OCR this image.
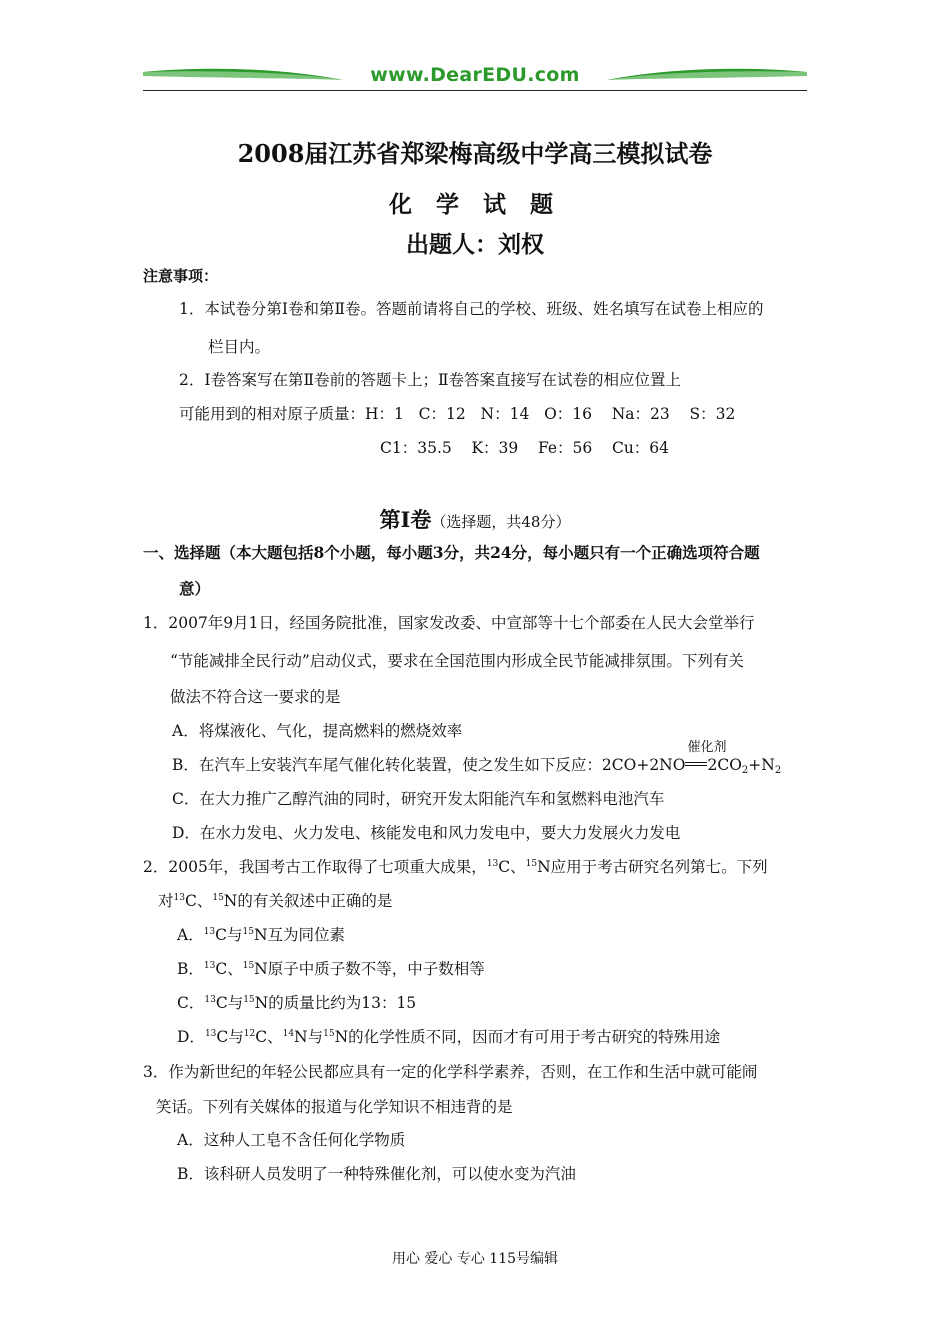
www.DearEDU.com
2008届江苏省郑梁梅高级中学高三模拟试卷
化 学 试 题
出题人：刘权
注意事项：
1．本试卷分第Ⅰ卷和第Ⅱ卷。答题前请将自己的学校、班级、姓名填写在试卷上相应的
栏目内。
2．Ⅰ卷答案写在第Ⅱ卷前的答题卡上；Ⅱ卷答案直接写在试卷的相应位置上
可能用到的相对原子质量：H：1   C：12   N：14   O：16    Na：23    S：32
C1：35.5    K：39    Fe：56    Cu：64
第Ⅰ卷（选择题，共48分）
一、选择题（本大题包括8个小题，每小题3分，共24分，每小题只有一个正确选项符合题
意）
1．2007年9月1日，经国务院批准，国家发改委、中宣部等十七个部委在人民大会堂举行
“节能减排全民行动”启动仪式，要求在全国范围内形成全民节能减排氛围。下列有关
做法不符合这一要求的是
A．将煤液化、气化，提高燃料的燃烧效率
B．在汽车上安装汽车尾气催化转化装置，使之发生如下反应：2CO+2NO
催化剂
$2CO_2+N_2$
C．在大力推广乙醇汽油的同时，研究开发太阳能汽车和氢燃料电池汽车
D．在水力发电、火力发电、核能发电和风力发电中，要大力发展火力发电
2．2005年，我国考古工作取得了七项重大成果，$^{13}$C、$^{15}$N应用于考古研究名列第七。下列
对$^{13}$C、$^{15}$N的有关叙述中正确的是
A．$^{13}$C与$^{15}$N互为同位素
B．$^{13}$C、$^{15}$N原子中质子数不等，中子数相等
C．$^{13}$C与$^{15}$N的质量比约为13：15
D．$^{13}$C与$^{12}$C、$^{14}$N与$^{15}$N的化学性质不同，因而才有可用于考古研究的特殊用途
3．作为新世纪的年轻公民都应具有一定的化学科学素养，否则，在工作和生活中就可能闹
笑话。下列有关媒体的报道与化学知识不相违背的是
A．这种人工皂不含任何化学物质
B．该科研人员发明了一种特殊催化剂，可以使水变为汽油
用心 爱心 专心 115号编辑
